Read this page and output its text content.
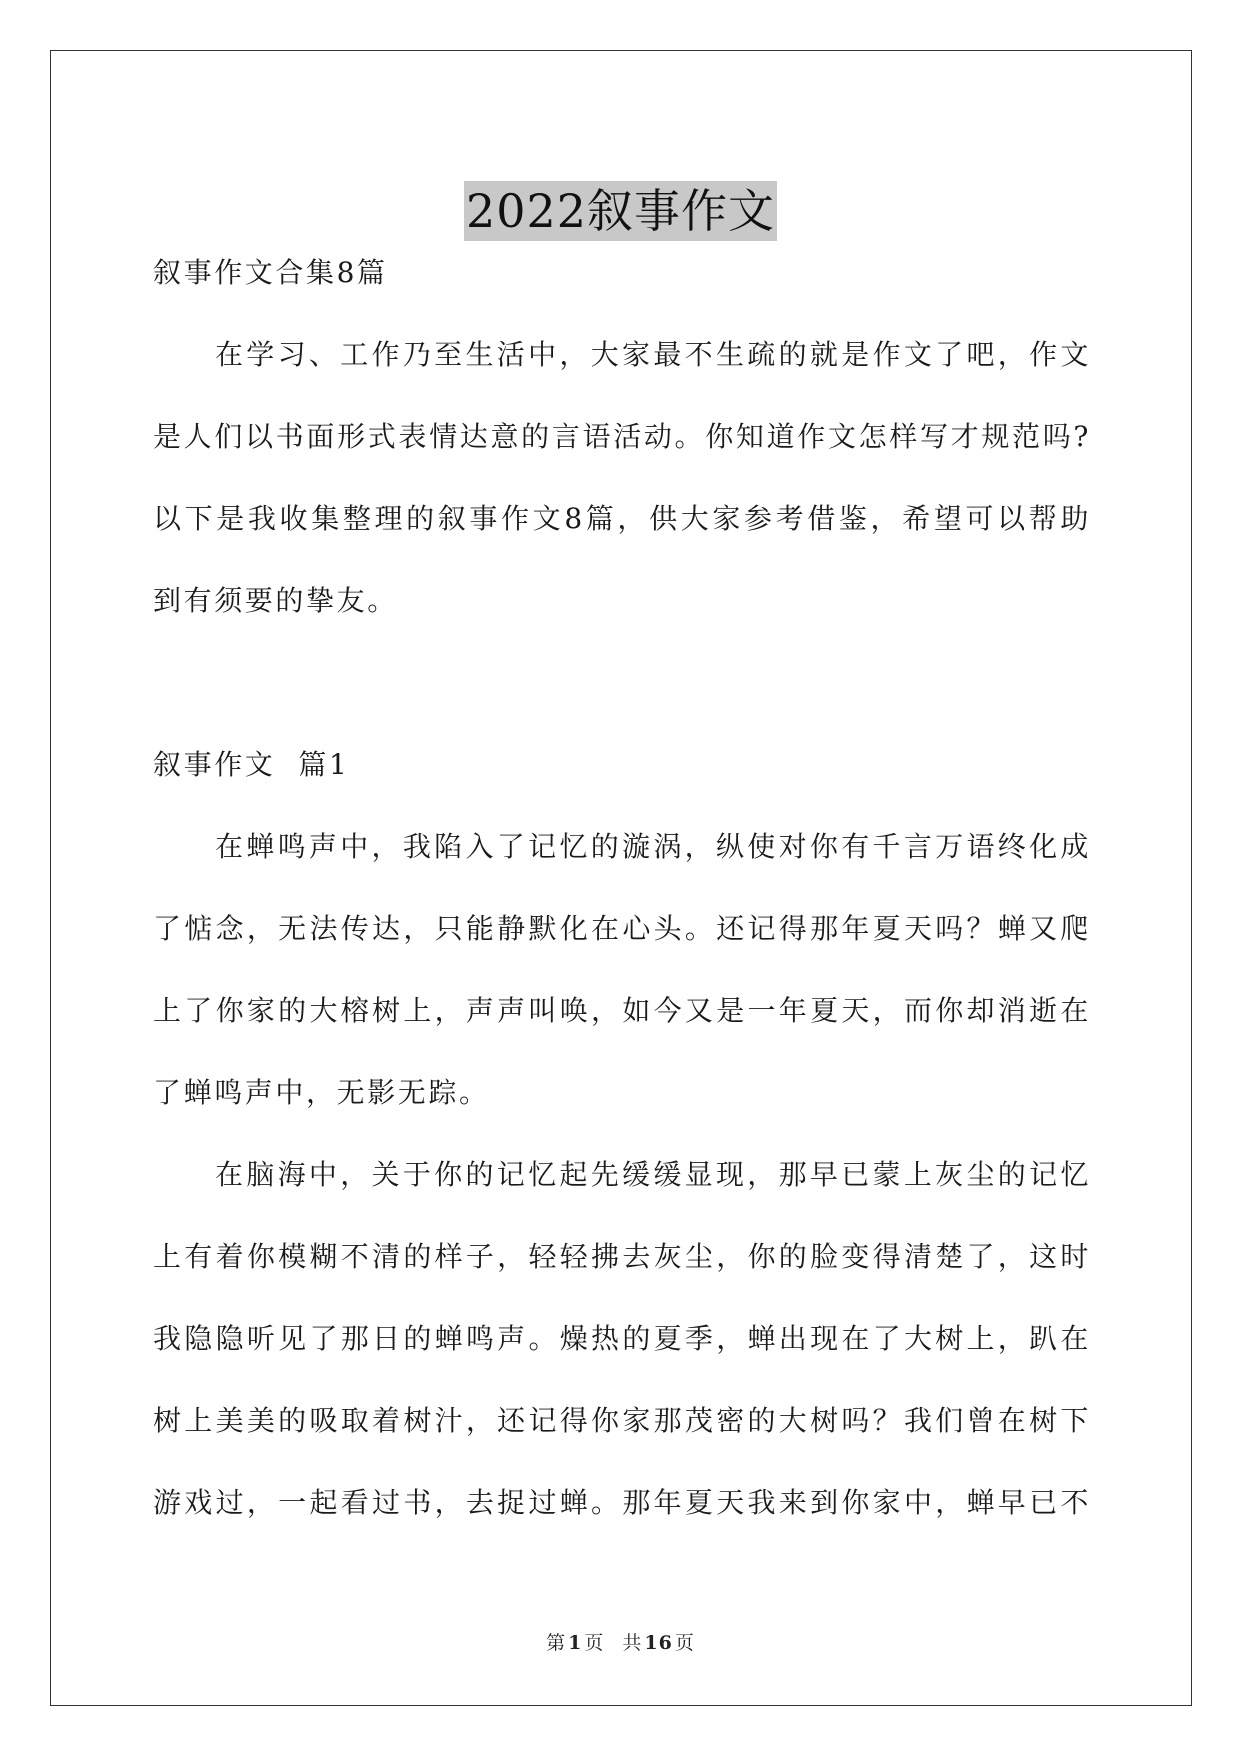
2022叙事作文

叙事作文合集8篇

在学习、工作乃至生活中，大家最不生疏的就是作文了吧，作文
是人们以书面形式表情达意的言语活动。你知道作文怎样写才规范吗?
以下是我收集整理的叙事作文8篇，供大家参考借鉴，希望可以帮助
到有须要的挚友。

叙事作文  篇1

在蝉鸣声中，我陷入了记忆的漩涡，纵使对你有千言万语终化成
了惦念，无法传达，只能静默化在心头。还记得那年夏天吗？蝉又爬
上了你家的大榕树上，声声叫唤，如今又是一年夏天，而你却消逝在
了蝉鸣声中，无影无踪。

在脑海中，关于你的记忆起先缓缓显现，那早已蒙上灰尘的记忆
上有着你模糊不清的样子，轻轻拂去灰尘，你的脸变得清楚了，这时
我隐隐听见了那日的蝉鸣声。燥热的夏季，蝉出现在了大树上，趴在
树上美美的吸取着树汁，还记得你家那茂密的大树吗？我们曾在树下
游戏过，一起看过书，去捉过蝉。那年夏天我来到你家中，蝉早已不

第 1 页 共 16 页
